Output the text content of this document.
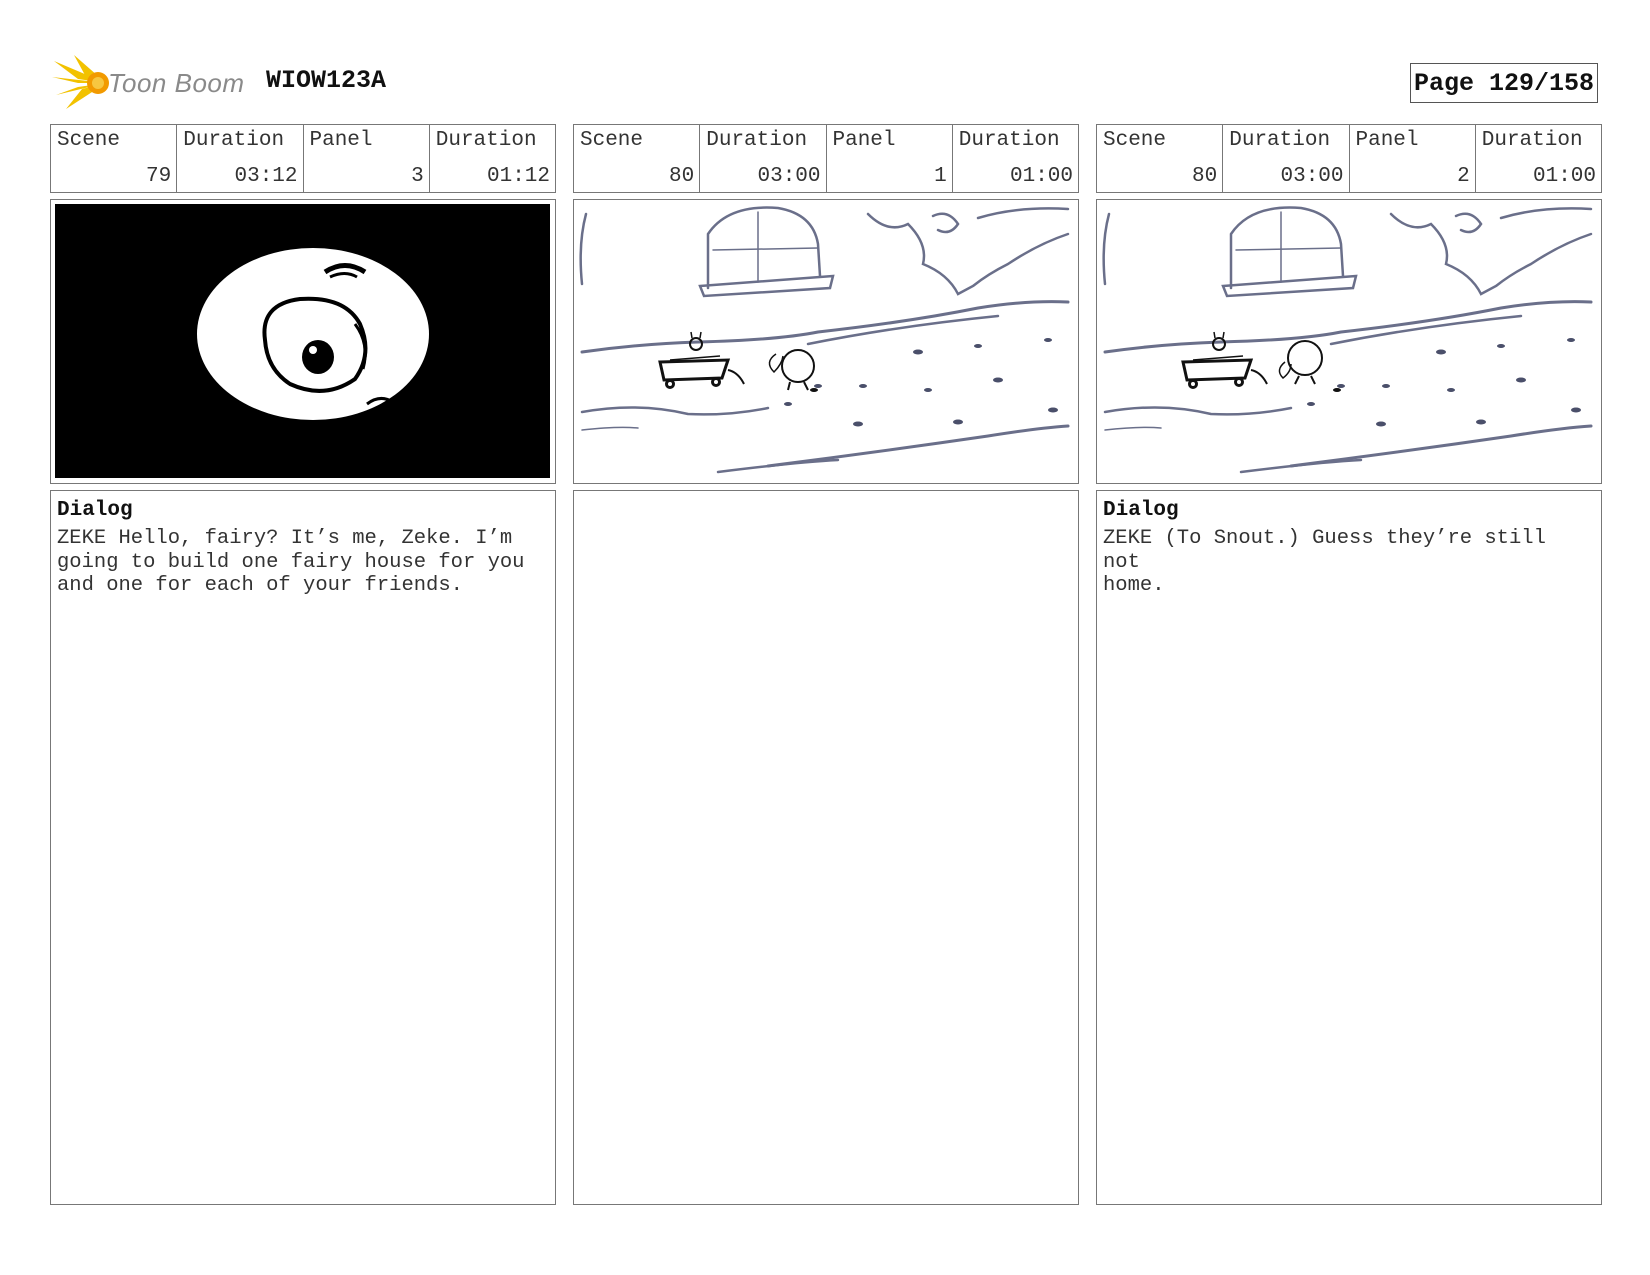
Toon Boom WIOW123A	Page 129/158
Scene
79
Duration
03:12
Panel
3
Duration
01:12
Dialog
ZEKE Hello, fairy? It’s me, Zeke. I’m
going to build one fairy house for you
and one for each of your friends.
Scene
80
Duration
03:00
Panel
1
Duration
01:00
Scene
80
Duration
03:00
Panel
2
Duration
01:00
Dialog
ZEKE (To Snout.) Guess they’re still not
home.
